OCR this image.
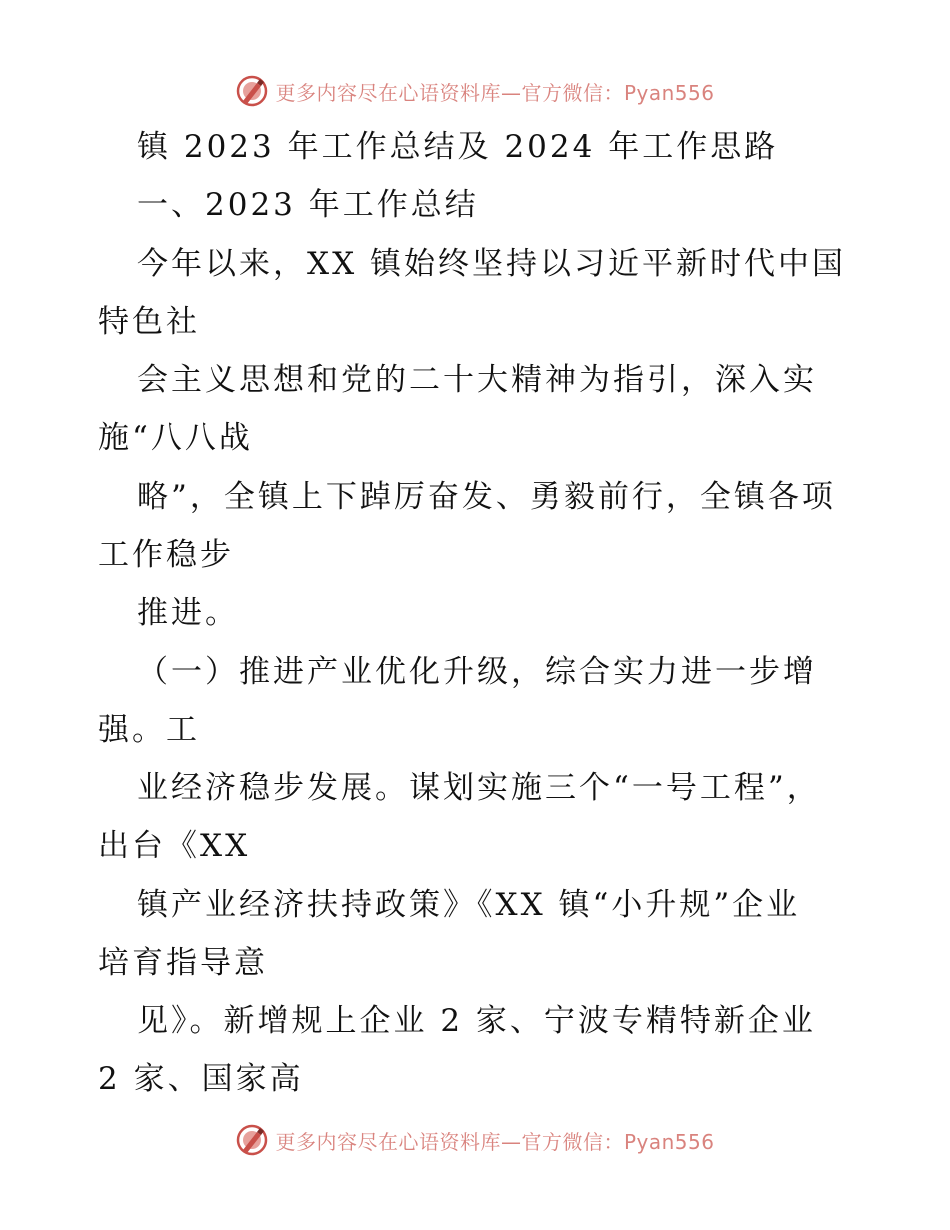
更多内容尽在心语资料库—官方微信：Pyan556
镇 2023 年工作总结及 2024 年工作思路
一、2023 年工作总结
今年以来，XX 镇始终坚持以习近平新时代中国
特色社
会主义思想和党的二十大精神为指引，深入实
施“八八战
略”，全镇上下踔厉奋发、勇毅前行，全镇各项
工作稳步
推进。
（一）推进产业优化升级，综合实力进一步增
强。工
业经济稳步发展。谋划实施三个“一号工程”，
出台《XX
镇产业经济扶持政策》《XX 镇“小升规”企业
培育指导意
见》。新增规上企业 2 家、宁波专精特新企业
2 家、国家高
更多内容尽在心语资料库—官方微信：Pyan556
